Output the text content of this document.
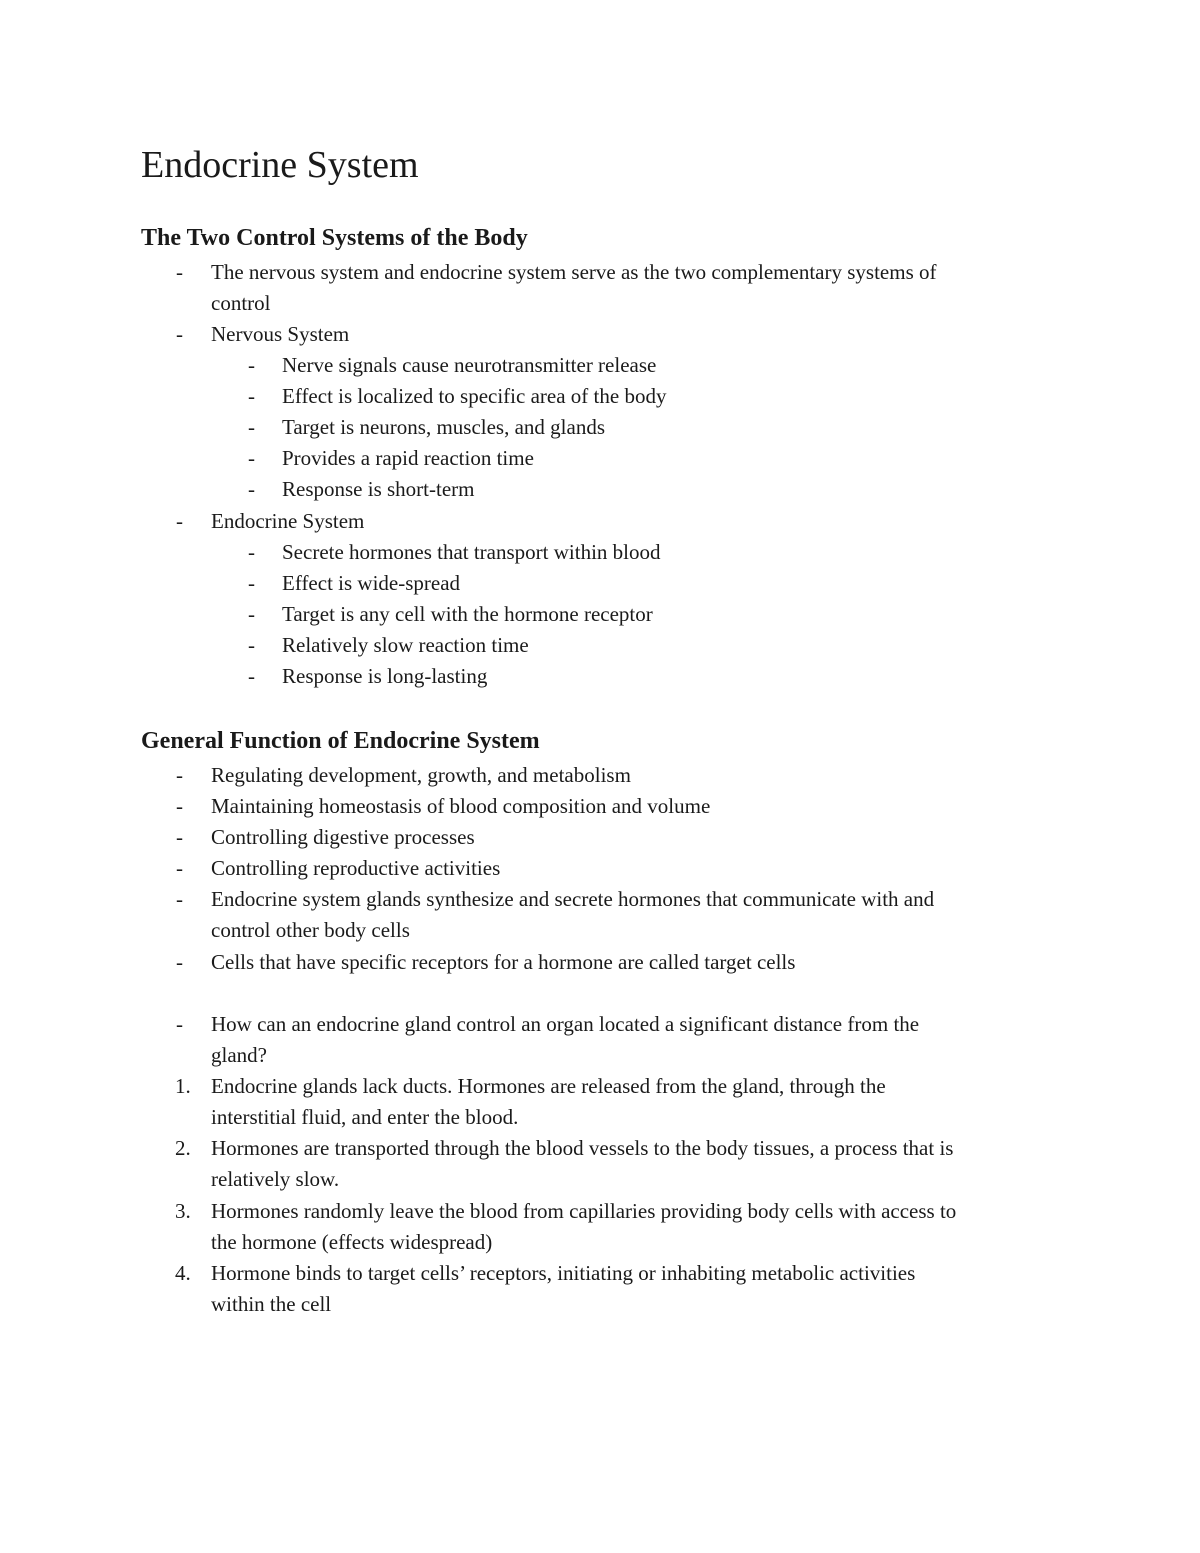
Endocrine System
The Two Control Systems of the Body
- The nervous system and endocrine system serve as the two complementary systems of
control
- Nervous System
- Nerve signals cause neurotransmitter release
- Effect is localized to specific area of the body
- Target is neurons, muscles, and glands
- Provides a rapid reaction time
- Response is short-term
- Endocrine System
- Secrete hormones that transport within blood
- Effect is wide-spread
- Target is any cell with the hormone receptor
- Relatively slow reaction time
- Response is long-lasting
General Function of Endocrine System
- Regulating development, growth, and metabolism
- Maintaining homeostasis of blood composition and volume
- Controlling digestive processes
- Controlling reproductive activities
- Endocrine system glands synthesize and secrete hormones that communicate with and
control other body cells
- Cells that have specific receptors for a hormone are called target cells
- How can an endocrine gland control an organ located a significant distance from the
gland?
1. Endocrine glands lack ducts. Hormones are released from the gland, through the
interstitial fluid, and enter the blood.
2. Hormones are transported through the blood vessels to the body tissues, a process that is
relatively slow.
3. Hormones randomly leave the blood from capillaries providing body cells with access to
the hormone (effects widespread)
4. Hormone binds to target cells’ receptors, initiating or inhabiting metabolic activities
within the cell
